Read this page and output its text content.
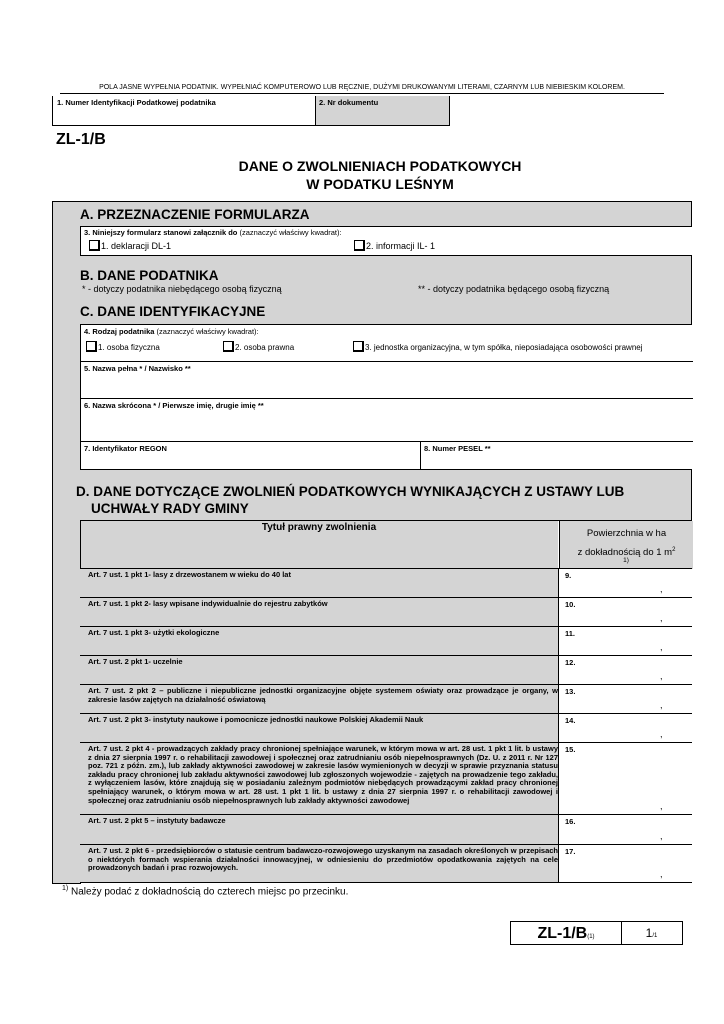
POLA JASNE WYPEŁNIA PODATNIK. WYPEŁNIAĆ KOMPUTEROWO LUB RĘCZNIE, DUŻYMI DRUKOWANYMI LITERAMI, CZARNYM LUB NIEBIESKIM KOLOREM.
1. Numer Identyfikacji Podatkowej podatnika	2. Nr dokumentu
ZL-1/B
DANE O ZWOLNIENIACH PODATKOWYCH
W PODATKU LEŚNYM
A. PRZEZNACZENIE FORMULARZA
3. Niniejszy formularz stanowi załącznik do (zaznaczyć właściwy kwadrat):
1. deklaracji DL-1	2. informacji IL- 1
B. DANE PODATNIKA
* - dotyczy podatnika niebędącego osobą fizyczną	** - dotyczy podatnika będącego osobą fizyczną
C. DANE IDENTYFIKACYJNE
4. Rodzaj podatnika (zaznaczyć właściwy kwadrat):
1. osoba fizyczna	2. osoba prawna	3. jednostka organizacyjna, w tym spółka, nieposiadająca osobowości prawnej
5. Nazwa pełna * / Nazwisko **
6. Nazwa skrócona * / Pierwsze imię, drugie imię **
7. Identyfikator REGON	8. Numer PESEL **
D. DANE DOTYCZĄCE ZWOLNIEŃ PODATKOWYCH WYNIKAJĄCYCH Z USTAWY LUB
UCHWAŁY RADY GMINY
Powierzchnia w ha
z dokładnością do 1 $m^2$
1)
Tytuł prawny zwolnienia
Art. 7 ust. 1 pkt 1- lasy z drzewostanem w wieku do 40 lat	9.
,
Art. 7 ust. 1 pkt 2- lasy wpisane indywidualnie do rejestru zabytków	10.
,
Art. 7 ust. 1 pkt 3- użytki ekologiczne	11.
,
Art. 7 ust. 2 pkt 1- uczelnie	12.
,
Art. 7 ust. 2 pkt 2 – publiczne i niepubliczne jednostki organizacyjne objęte systemem oświaty oraz prowadzące je organy, w zakresie lasów zajętych na działalność oświatową
13.
,
Art. 7 ust. 2 pkt 3- instytuty naukowe i pomocnicze jednostki naukowe Polskiej Akademii Nauk	14.
,
Art. 7 ust. 2 pkt 4 - prowadzących zakłady pracy chronionej spełniające warunek, w którym mowa w art. 28 ust. 1 pkt 1 lit. b ustawy z dnia 27 sierpnia 1997 r. o rehabilitacji zawodowej i społecznej oraz zatrudnianiu osób niepełnosprawnych (Dz. U. z 2011 r. Nr 127 poz. 721 z późn. zm.), lub zakłady aktywności zawodowej w zakresie lasów wymienionych w decyzji w sprawie przyznania statusu zakładu pracy chronionej lub zakładu aktywności zawodowej lub zgłoszonych wojewodzie - zajętych na prowadzenie tego zakładu, z wyłączeniem lasów, które znajdują się w posiadaniu zależnym podmiotów niebędących prowadzącymi zakład pracy chronionej spełniający warunek, o którym mowa w art. 28 ust. 1 pkt 1 lit. b ustawy z dnia 27 sierpnia 1997 r. o rehabilitacji zawodowej i społecznej oraz zatrudnianiu osób niepełnosprawnych lub zakłady aktywności zawodowej
15.
,
Art. 7 ust. 2 pkt 5 – instytuty badawcze	16.
,
Art. 7 ust. 2 pkt 6 - przedsiębiorców o statusie centrum badawczo-rozwojowego uzyskanym na zasadach określonych w przepisach o niektórych formach wspierania działalności innowacyjnej, w odniesieniu do przedmiotów opodatkowania zajętych na cele prowadzonych badań i prac rozwojowych.
17.
,
$^{1)}$ Należy podać z dokładnością do czterech miejsc po przecinku.
ZL-1/B(1)	1/1
